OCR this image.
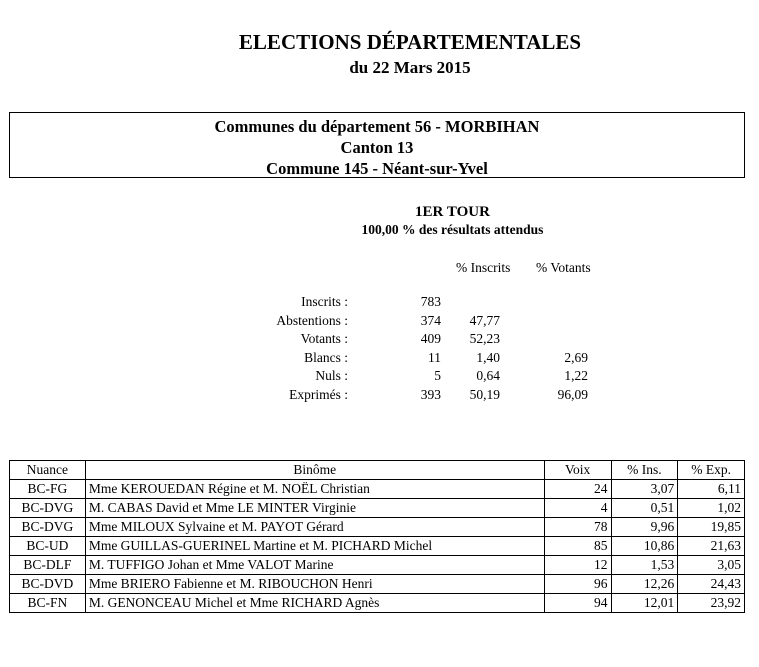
ELECTIONS DÉPARTEMENTALES
du 22 Mars 2015
Communes du département 56 - MORBIHAN
Canton 13
Commune 145 - Néant-sur-Yvel
1ER TOUR
100,00 % des résultats attendus
% Inscrits % Votants
Inscrits :	783
Abstentions :	374 47,77
Votants :	409 52,23
Blancs :	11	1,40	2,69
Nuls :	5	0,64	1,22
Exprimés :	393 50,19	96,09
Nuance	Binôme	Voix	% Ins.	% Exp.
BC-FG	Mme KEROUEDAN Régine et M. NOËL Christian	24	3,07	6,11
BC-DVG	M. CABAS David et Mme LE MINTER Virginie	4	0,51	1,02
BC-DVG	Mme MILOUX Sylvaine et M. PAYOT Gérard	78	9,96	19,85
BC-UD	Mme GUILLAS-GUERINEL Martine et M. PICHARD Michel	85	10,86	21,63
BC-DLF	M. TUFFIGO Johan et Mme VALOT Marine	12	1,53	3,05
BC-DVD	Mme BRIERO Fabienne et M. RIBOUCHON Henri	96	12,26	24,43
BC-FN	M. GENONCEAU Michel et Mme RICHARD Agnès	94	12,01	23,92
